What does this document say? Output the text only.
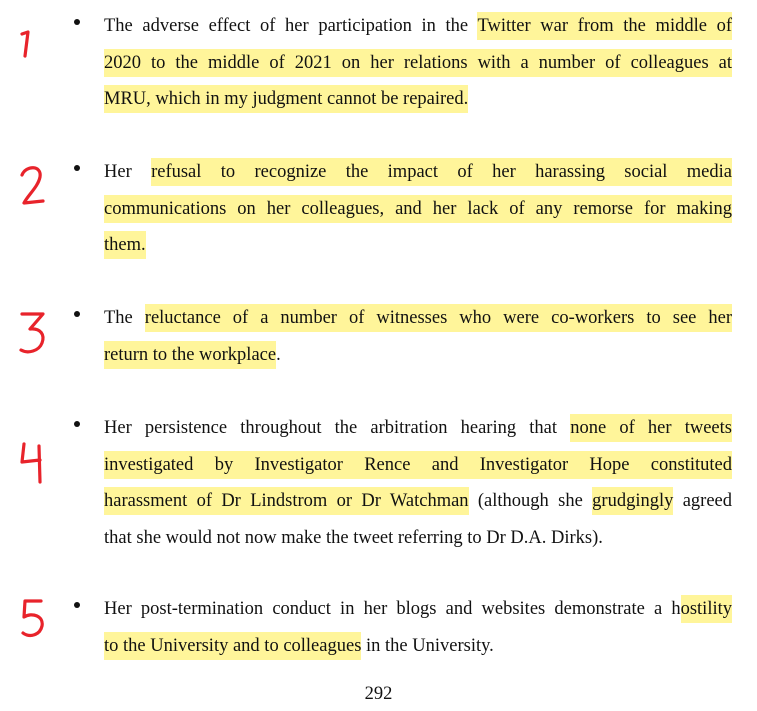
The adverse effect of her participation in the Twitter war from the middle of
2020 to the middle of 2021 on her relations with a number of colleagues at
MRU, which in my judgment cannot be repaired.
Her refusal to recognize the impact of her harassing social media
communications on her colleagues, and her lack of any remorse for making
them.
The reluctance of a number of witnesses who were co-workers to see her
return to the workplace.
Her persistence throughout the arbitration hearing that none of her tweets
investigated by Investigator Rence and Investigator Hope constituted
harassment of Dr Lindstrom or Dr Watchman (although she grudgingly agreed
that she would not now make the tweet referring to Dr D.A. Dirks).
Her post-termination conduct in her blogs and websites demonstrate a hostility
to the University and to colleagues in the University.
292
